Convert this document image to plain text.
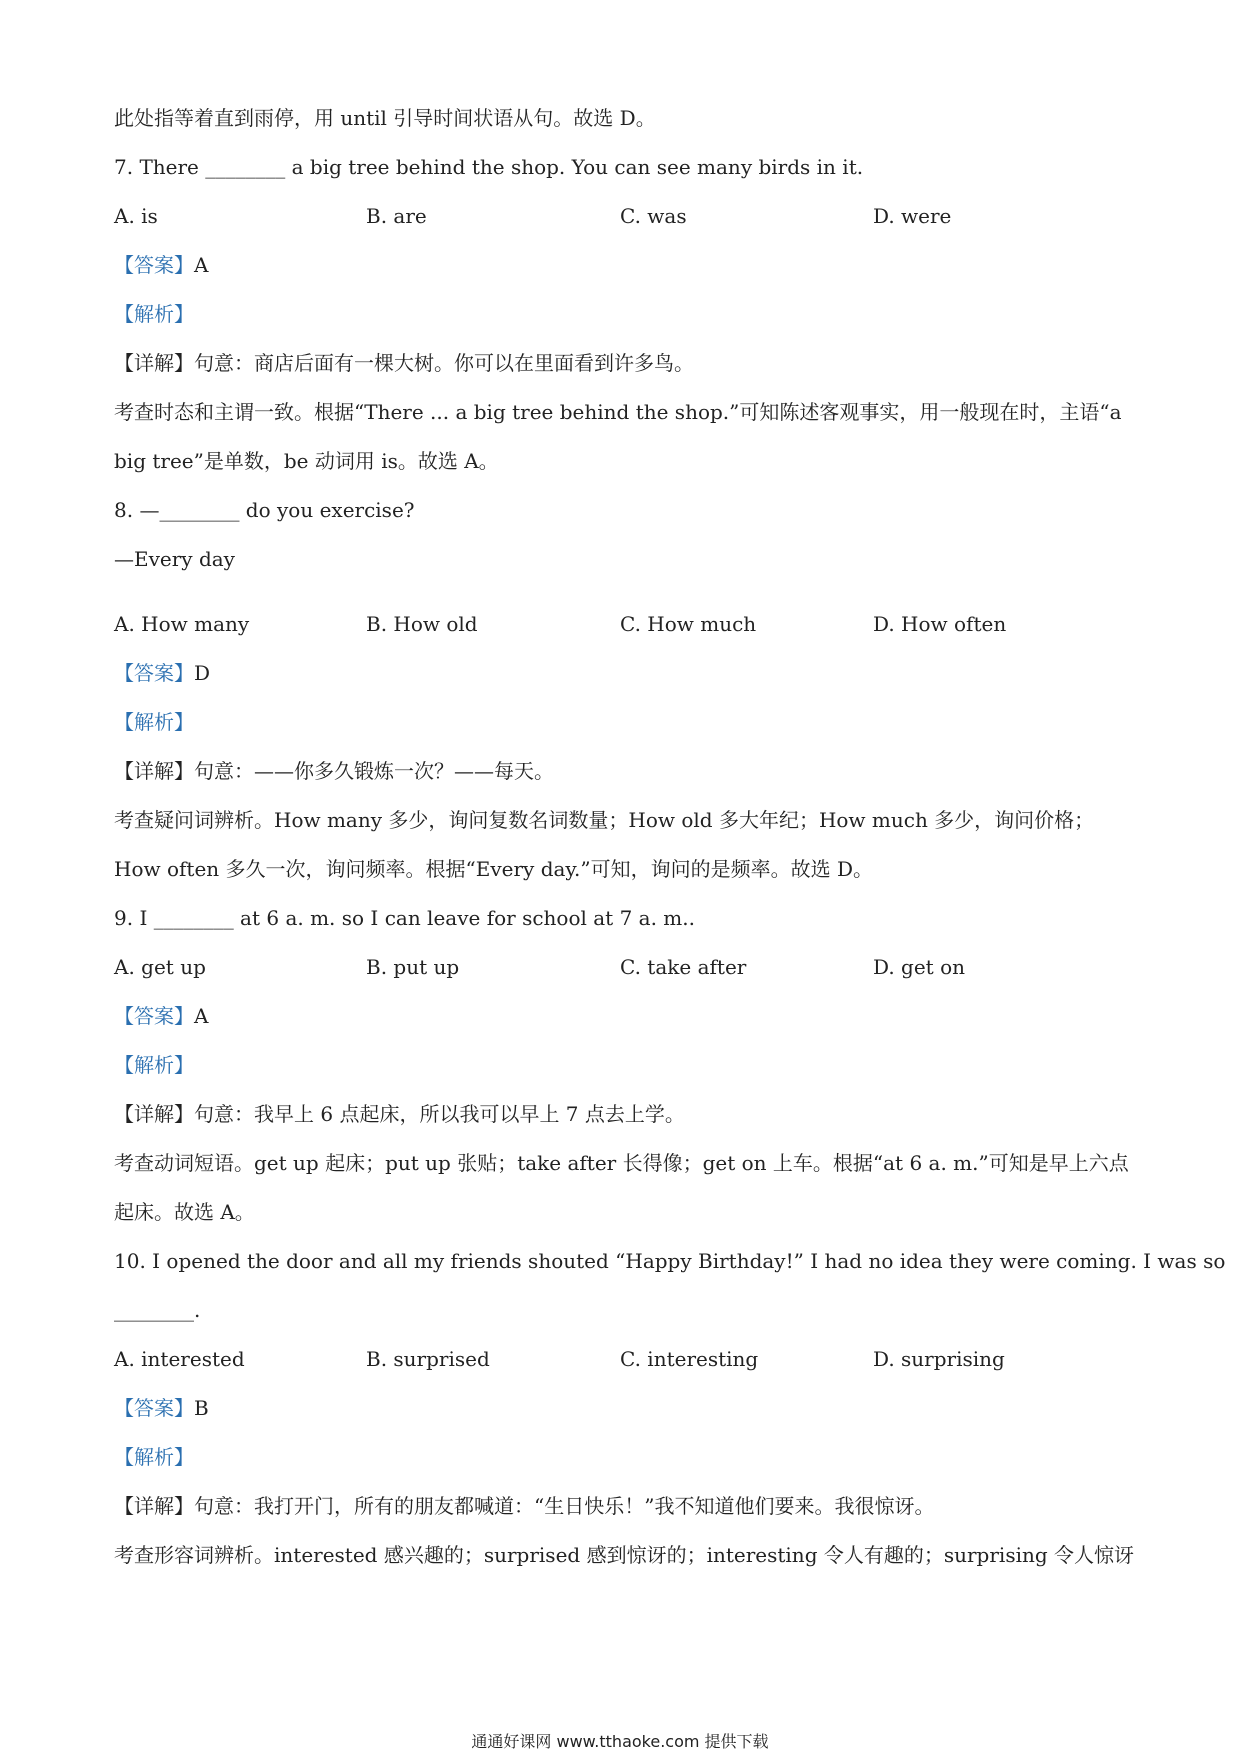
此处指等着直到雨停，用 until 引导时间状语从句。故选 D。
7. There ________ a big tree behind the shop. You can see many birds in it.
A. is	B. are	C. was	D. were
【答案】A
【解析】
【详解】句意：商店后面有一棵大树。你可以在里面看到许多鸟。
考查时态和主谓一致。根据“There ... a big tree behind the shop.”可知陈述客观事实，用一般现在时，主语“a
big tree”是单数，be 动词用 is。故选 A。
8. —________ do you exercise?
—Every day
A. How many	B. How old	C. How much	D. How often
【答案】D
【解析】
【详解】句意：——你多久锻炼一次？——每天。
考查疑问词辨析。How many 多少，询问复数名词数量；How old 多大年纪；How much 多少，询问价格；
How often 多久一次，询问频率。根据“Every day.”可知，询问的是频率。故选 D。
9. I ________ at 6 a. m. so I can leave for school at 7 a. m..
A. get up	B. put up	C. take after	D. get on
【答案】A
【解析】
【详解】句意：我早上 6 点起床，所以我可以早上 7 点去上学。
考查动词短语。get up 起床；put up 张贴；take after 长得像；get on 上车。根据“at 6 a. m.”可知是早上六点
起床。故选 A。
10. I opened the door and all my friends shouted “Happy Birthday!” I had no idea they were coming. I was so
________.
A. interested	B. surprised	C. interesting	D. surprising
【答案】B
【解析】
【详解】句意：我打开门，所有的朋友都喊道：“生日快乐！”我不知道他们要来。我很惊讶。
考查形容词辨析。interested 感兴趣的；surprised 感到惊讶的；interesting 令人有趣的；surprising 令人惊讶
通通好课网 www.tthaoke.com 提供下载
